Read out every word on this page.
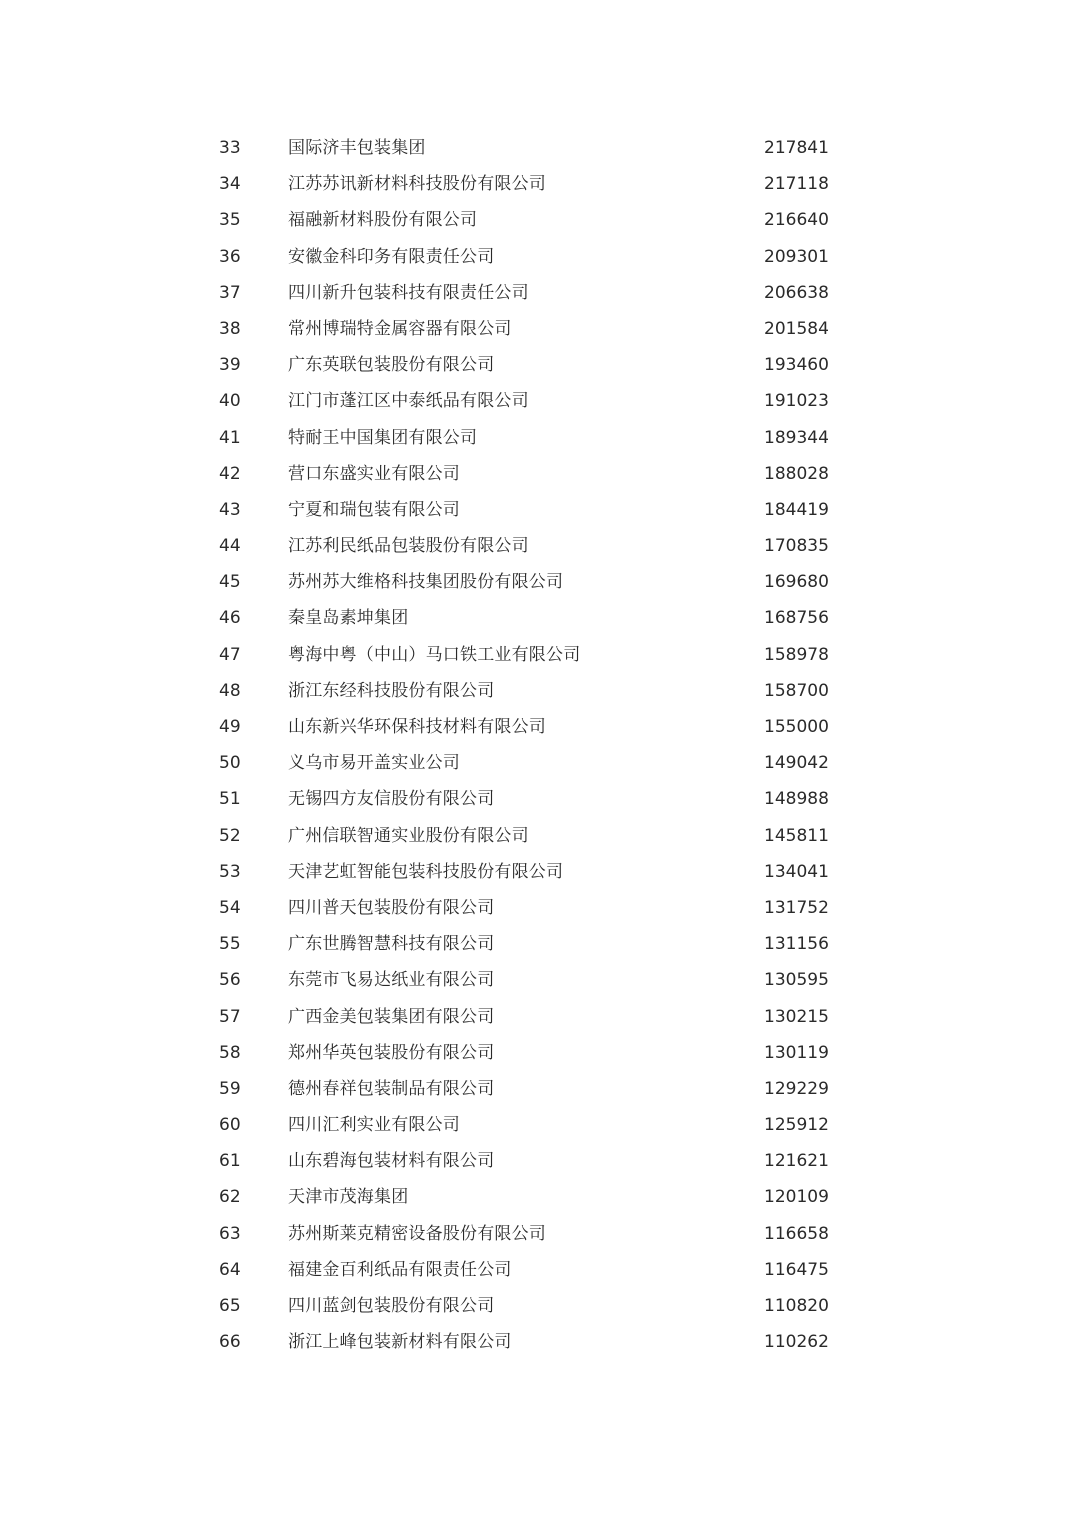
33	国际济丰包装集团	217841
34	江苏苏讯新材料科技股份有限公司	217118
35	福融新材料股份有限公司	216640
36	安徽金科印务有限责任公司	209301
37	四川新升包装科技有限责任公司	206638
38	常州博瑞特金属容器有限公司	201584
39	广东英联包装股份有限公司	193460
40	江门市蓬江区中泰纸品有限公司	191023
41	特耐王中国集团有限公司	189344
42	营口东盛实业有限公司	188028
43	宁夏和瑞包装有限公司	184419
44	江苏利民纸品包装股份有限公司	170835
45	苏州苏大维格科技集团股份有限公司	169680
46	秦皇岛素坤集团	168756
47	粤海中粤（中山）马口铁工业有限公司	158978
48	浙江东经科技股份有限公司	158700
49	山东新兴华环保科技材料有限公司	155000
50	义乌市易开盖实业公司	149042
51	无锡四方友信股份有限公司	148988
52	广州信联智通实业股份有限公司	145811
53	天津艺虹智能包装科技股份有限公司	134041
54	四川普天包装股份有限公司	131752
55	广东世腾智慧科技有限公司	131156
56	东莞市飞易达纸业有限公司	130595
57	广西金美包装集团有限公司	130215
58	郑州华英包装股份有限公司	130119
59	德州春祥包装制品有限公司	129229
60	四川汇利实业有限公司	125912
61	山东碧海包装材料有限公司	121621
62	天津市茂海集团	120109
63	苏州斯莱克精密设备股份有限公司	116658
64	福建金百利纸品有限责任公司	116475
65	四川蓝剑包装股份有限公司	110820
66	浙江上峰包装新材料有限公司	110262
